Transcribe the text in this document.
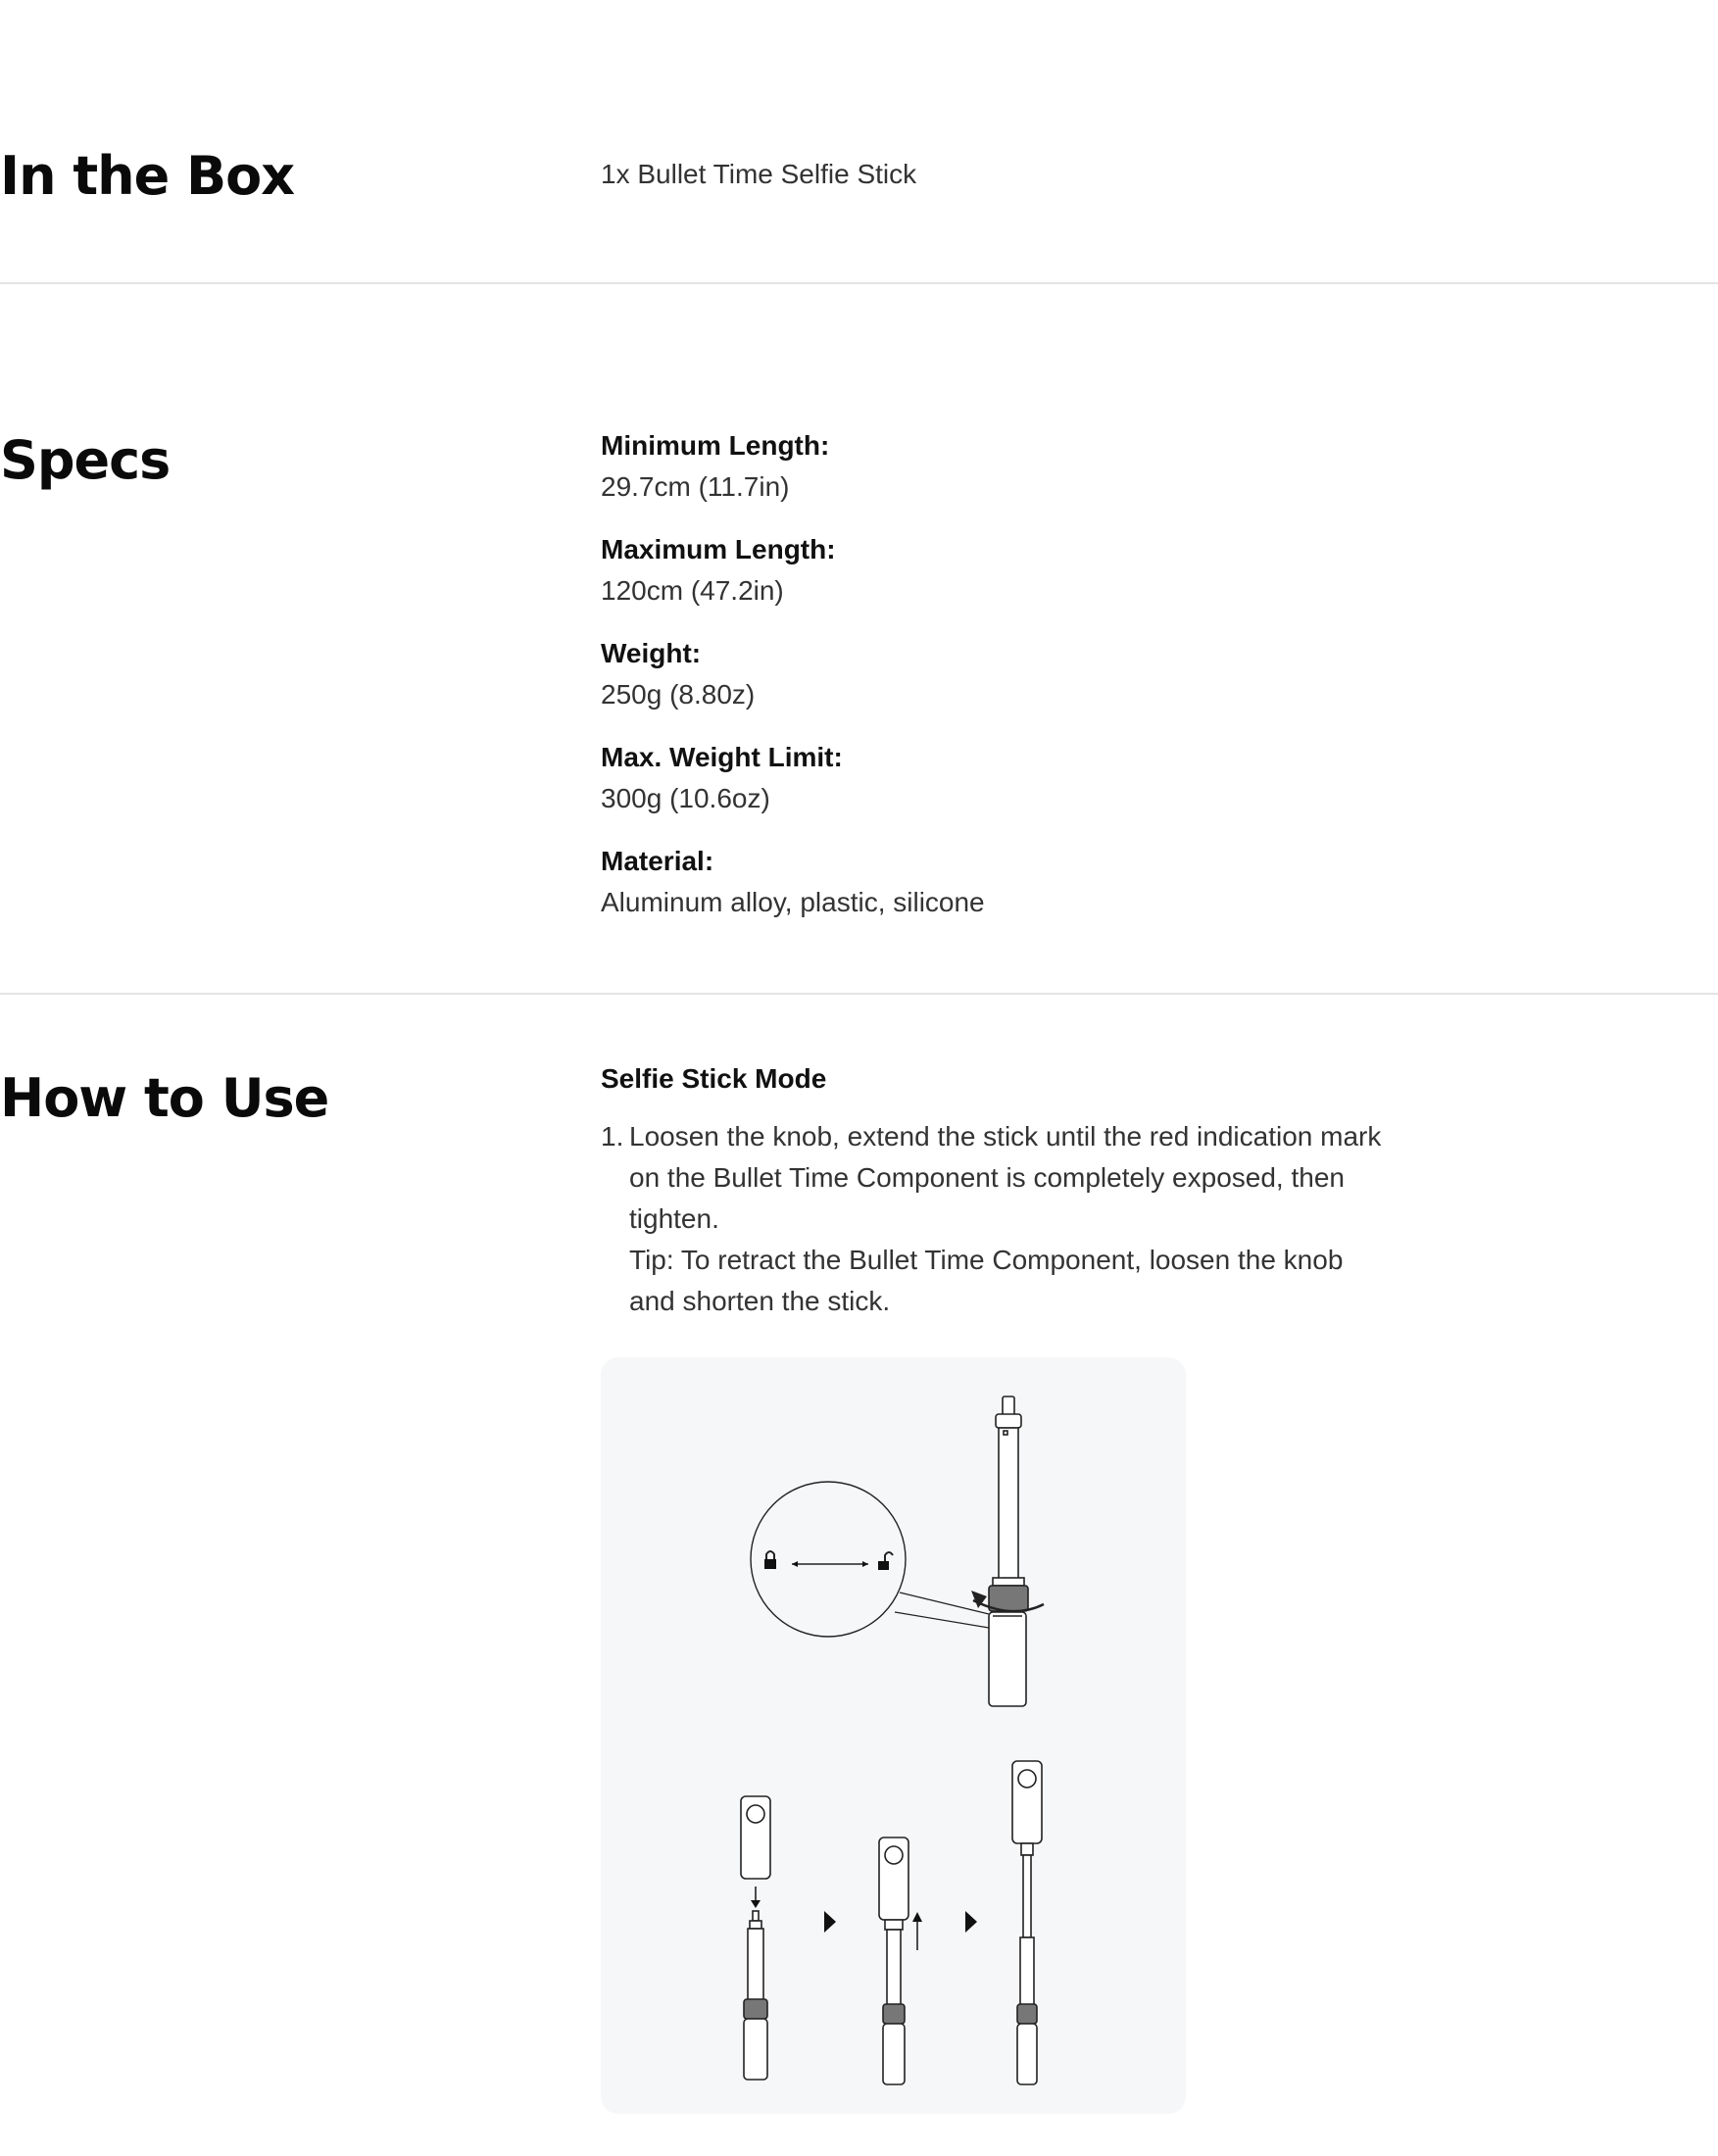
In the Box	1x Bullet Time Selfie Stick
Specs	Minimum Length:

29.7cm (11.7in)

Maximum Length:

120cm (47.2in)

Weight:

250g (8.80z)

Max. Weight Limit:

300g (10.6oz)

Material:

Aluminum alloy, plastic, silicone

How to Use	Selfie Stick Mode

1. Loosen the knob, extend the stick until the red indication mark
on the Bullet Time Component is completely exposed, then
tighten.
Tip: To retract the Bullet Time Component, loosen the knob
and shorten the stick.
